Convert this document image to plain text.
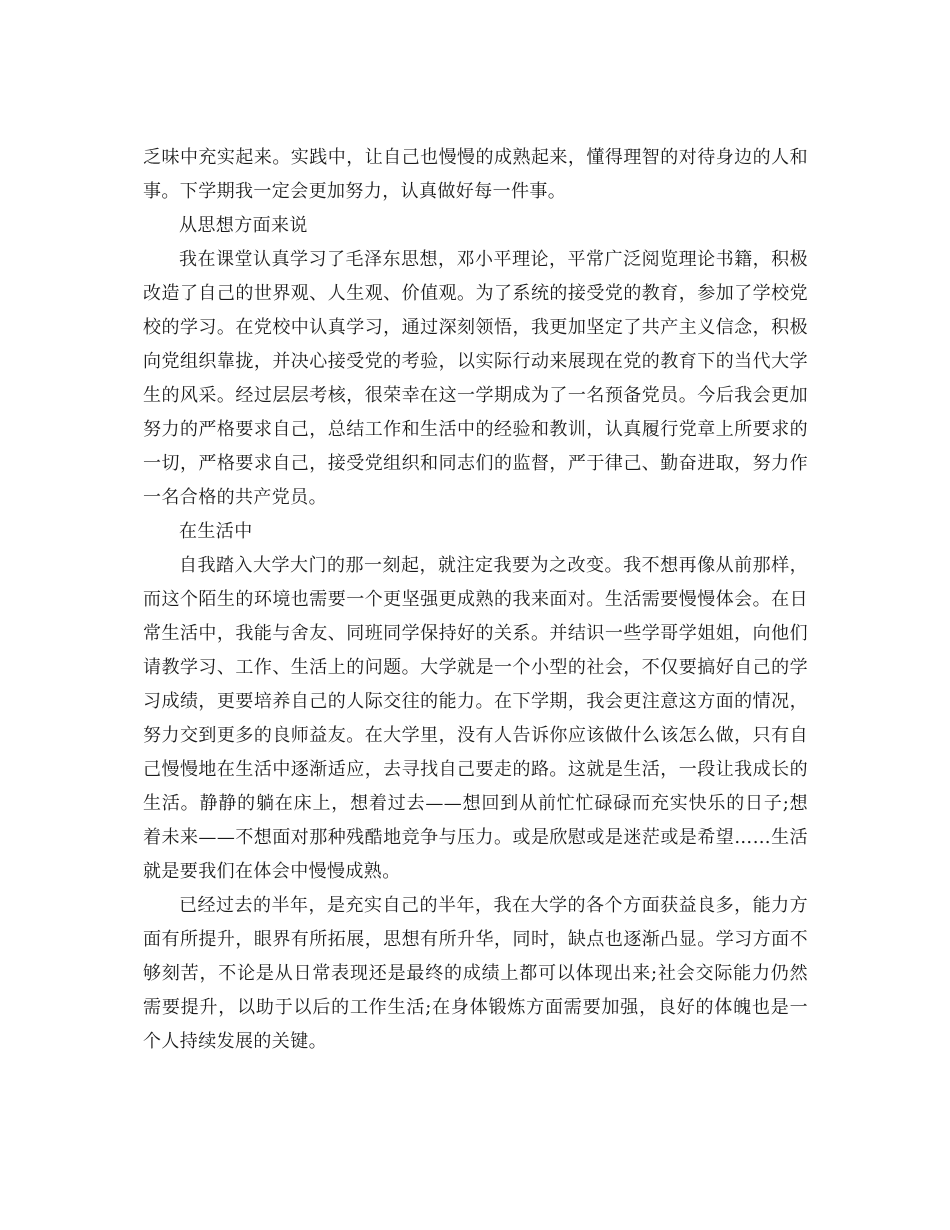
乏味中充实起来。实践中，让自己也慢慢的成熟起来，懂得理智的对待身边的人和事。下学期我一定会更加努力，认真做好每一件事。

从思想方面来说

我在课堂认真学习了毛泽东思想，邓小平理论，平常广泛阅览理论书籍，积极改造了自己的世界观、人生观、价值观。为了系统的接受党的教育，参加了学校党校的学习。在党校中认真学习，通过深刻领悟，我更加坚定了共产主义信念，积极向党组织靠拢，并决心接受党的考验，以实际行动来展现在党的教育下的当代大学生的风采。经过层层考核，很荣幸在这一学期成为了一名预备党员。今后我会更加努力的严格要求自己，总结工作和生活中的经验和教训，认真履行党章上所要求的一切，严格要求自己，接受党组织和同志们的监督，严于律己、勤奋进取，努力作一名合格的共产党员。

在生活中

自我踏入大学大门的那一刻起，就注定我要为之改变。我不想再像从前那样，而这个陌生的环境也需要一个更坚强更成熟的我来面对。生活需要慢慢体会。在日常生活中，我能与舍友、同班同学保持好的关系。并结识一些学哥学姐姐，向他们请教学习、工作、生活上的问题。大学就是一个小型的社会，不仅要搞好自己的学习成绩，更要培养自己的人际交往的能力。在下学期，我会更注意这方面的情况，努力交到更多的良师益友。在大学里，没有人告诉你应该做什么该怎么做，只有自己慢慢地在生活中逐渐适应，去寻找自己要走的路。这就是生活，一段让我成长的生活。静静的躺在床上，想着过去——想回到从前忙忙碌碌而充实快乐的日子;想着未来——不想面对那种残酷地竞争与压力。或是欣慰或是迷茫或是希望……生活就是要我们在体会中慢慢成熟。

已经过去的半年，是充实自己的半年，我在大学的各个方面获益良多，能力方面有所提升，眼界有所拓展，思想有所升华，同时，缺点也逐渐凸显。学习方面不够刻苦，不论是从日常表现还是最终的成绩上都可以体现出来;社会交际能力仍然需要提升，以助于以后的工作生活;在身体锻炼方面需要加强，良好的体魄也是一个人持续发展的关键。
